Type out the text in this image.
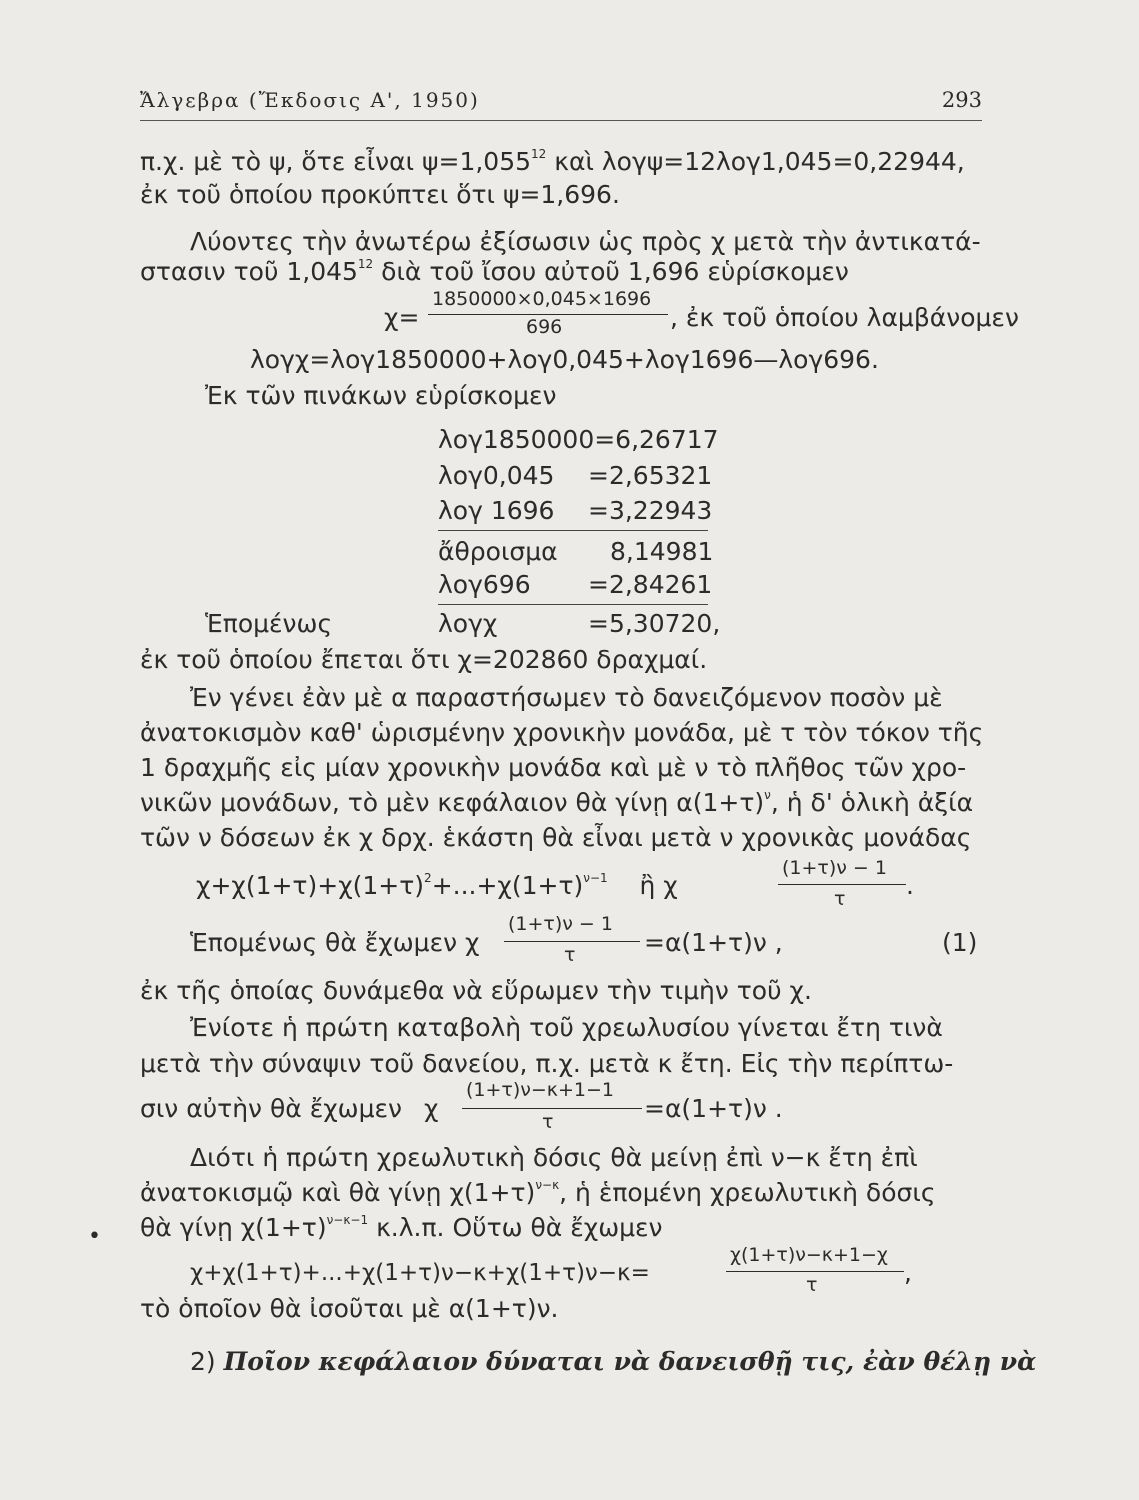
Ἄλγεβρα (Ἔκδοσις Α', 1950)	293
π.χ. μὲ τὸ ψ, ὅτε εἶναι $\psi=1,055^{12}$ καὶ λογψ=12λογ1,045=0,22944,
ἐκ τοῦ ὁποίου προκύπτει ὅτι ψ=1,696.
Λύοντες τὴν ἀνωτέρω ἐξίσωσιν ὡς πρὸς χ μετὰ τὴν ἀντικατά-
στασιν τοῦ 1,045$^{12}$ διὰ τοῦ ἴσου αὐτοῦ 1,696 εὑρίσκομεν
χ=
1850000×0,045×1696
696	, ἐκ τοῦ ὁποίου λαμβάνομεν
λογχ=λογ1850000+λογ0,045+λογ1696—λογ696.
Ἐκ τῶν πινάκων εὑρίσκομεν
λογ1850000=6,26717
λογ0,045 =2,65321
λογ 1696 =3,22943
ἄθροισμα 8,14981
λογ696 =2,84261
Ἑπομένως	λογχ	=5,30720,
ἐκ τοῦ ὁποίου ἔπεται ὅτι χ=202860 δραχμαί.
Ἐν γένει ἐὰν μὲ α παραστήσωμεν τὸ δανειζόμενον ποσὸν μὲ
ἀνατοκισμὸν καθ' ὡρισμένην χρονικὴν μονάδα, μὲ τ τὸν τόκον τῆς
1 δραχμῆς εἰς μίαν χρονικὴν μονάδα καὶ μὲ ν τὸ πλῆθος τῶν χρο-
νικῶν μονάδων, τὸ μὲν κεφάλαιον θὰ γίνῃ $\alpha(1+\tau)^\nu$, ἡ δ' ὁλικὴ ἀξία
τῶν ν δόσεων ἐκ χ δρχ. ἑκάστη θὰ εἶναι μετὰ ν χρονικὰς μονάδας
$\chi+\chi(1+\tau)+\chi(1+\tau)^2+...+\chi(1+\tau)^{\nu-1}$ ἢ χ
(1+τ)ν − 1
τ .
Ἑπομένως θὰ ἔχωμεν χ
(1+τ)ν − 1
τ	=α(1+τ)ν ,	(1)
ἐκ τῆς ὁποίας δυνάμεθα νὰ εὕρωμεν τὴν τιμὴν τοῦ χ.
Ἐνίοτε ἡ πρώτη καταβολὴ τοῦ χρεωλυσίου γίνεται ἔτη τινὰ
μετὰ τὴν σύναψιν τοῦ δανείου, π.χ. μετὰ κ ἔτη. Εἰς τὴν περίπτω-
σιν αὐτὴν θὰ ἔχωμεν χ
(1+τ)ν−κ+1−1
τ	=α(1+τ)ν .
Διότι ἡ πρώτη χρεωλυτικὴ δόσις θὰ μείνῃ ἐπὶ ν−κ ἔτη ἐπὶ
ἀνατοκισμῷ καὶ θὰ γίνῃ $\chi(1+\tau)^{\nu-\kappa}$, ἡ ἑπομένη χρεωλυτικὴ δόσις
θὰ γίνῃ $\chi(1+\tau)^{\nu-\kappa-1}$ κ.λ.π. Οὕτω θὰ ἔχωμεν
χ+χ(1+τ)+...+χ(1+τ)ν−κ+χ(1+τ)ν−κ=
χ(1+τ)ν−κ+1−χ
τ	,
τὸ ὁποῖον θὰ ἰσοῦται μὲ α(1+τ)ν.
2) Ποῖον κεφάλαιον δύναται νὰ δανεισθῇ τις, ἐὰν θέλῃ νὰ
•
